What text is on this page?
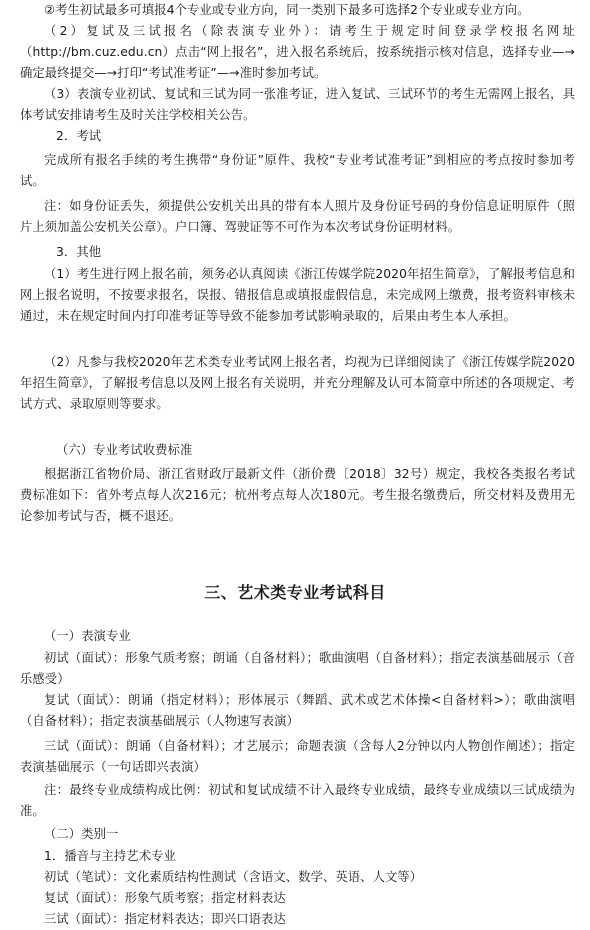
②考生初试最多可填报4个专业或专业方向，同一类别下最多可选择2个专业或专业方向。
（2）复试及三试报名（除表演专业外）：请考生于规定时间登录学校报名网址（http://bm.cuz.edu.cn）点击“网上报名”，进入报名系统后，按系统指示核对信息，选择专业—→确定最终提交—→打印“考试准考证”—→准时参加考试。
（3）表演专业初试、复试和三试为同一张准考证，进入复试、三试环节的考生无需网上报名，具体考试安排请考生及时关注学校相关公告。
2．考试
完成所有报名手续的考生携带“身份证”原件、我校“专业考试准考证”到相应的考点按时参加考试。
注：如身份证丢失，须提供公安机关出具的带有本人照片及身份证号码的身份信息证明原件（照片上须加盖公安机关公章）。户口簿、驾驶证等不可作为本次考试身份证明材料。
3．其他
（1）考生进行网上报名前，须务必认真阅读《浙江传媒学院2020年招生简章》，了解报考信息和网上报名说明，不按要求报名，误报、错报信息或填报虚假信息，未完成网上缴费，报考资料审核未通过，未在规定时间内打印准考证等导致不能参加考试影响录取的，后果由考生本人承担。
（2）凡参与我校2020年艺术类专业考试网上报名者，均视为已详细阅读了《浙江传媒学院2020年招生简章》，了解报考信息以及网上报名有关说明，并充分理解及认可本简章中所述的各项规定、考试方式、录取原则等要求。
（六）专业考试收费标准
根据浙江省物价局、浙江省财政厅最新文件（浙价费〔2018〕32号）规定，我校各类报名考试费标准如下：省外考点每人次216元；杭州考点每人次180元。考生报名缴费后，所交材料及费用无论参加考试与否，概不退还。
三、艺术类专业考试科目
（一）表演专业
初试（面试）：形象气质考察；朗诵（自备材料）；歌曲演唱（自备材料）；指定表演基础展示（音乐感受）
复试（面试）：朗诵（指定材料）；形体展示（舞蹈、武术或艺术体操<自备材料>）；歌曲演唱（自备材料）；指定表演基础展示（人物速写表演）
三试（面试）：朗诵（自备材料）；才艺展示；命题表演（含每人2分钟以内人物创作阐述）；指定表演基础展示（一句话即兴表演）
注：最终专业成绩构成比例：初试和复试成绩不计入最终专业成绩，最终专业成绩以三试成绩为准。
（二）类别一
1．播音与主持艺术专业
初试（笔试）：文化素质结构性测试（含语文、数学、英语、人文等）
复试（面试）：形象气质考察；指定材料表达
三试（面试）：指定材料表达；即兴口语表达
